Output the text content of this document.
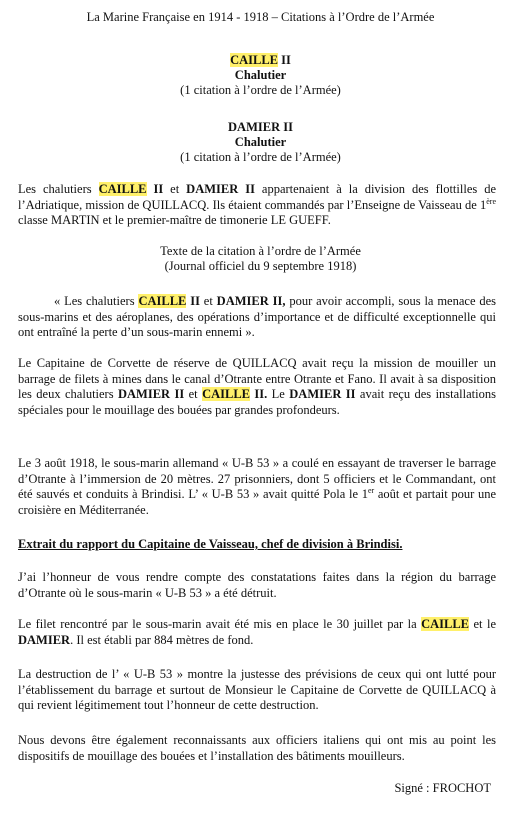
La Marine Française en 1914 - 1918 – Citations à l’Ordre de l’Armée
CAILLE II
Chalutier
(1 citation à l’ordre de l’Armée)
DAMIER II
Chalutier
(1 citation à l’ordre de l’Armée)
Les chalutiers CAILLE II et DAMIER II appartenaient à la division des flottilles de l’Adriatique, mission de QUILLACQ. Ils étaient commandés par l’Enseigne de Vaisseau de 1ère classe MARTIN et le premier-maître de timonerie LE GUEFF.
Texte de la citation à l’ordre de l’Armée
(Journal officiel du 9 septembre 1918)
« Les chalutiers CAILLE II et DAMIER II, pour avoir accompli, sous la menace des sous-marins et des aéroplanes, des opérations d’importance et de difficulté exceptionnelle qui ont entraîné la perte d’un sous-marin ennemi ».
Le Capitaine de Corvette de réserve de QUILLACQ avait reçu la mission de mouiller un barrage de filets à mines dans le canal d’Otrante entre Otrante et Fano. Il avait à sa disposition les deux chalutiers DAMIER II et CAILLE II. Le DAMIER II avait reçu des installations spéciales pour le mouillage des bouées par grandes profondeurs.
Le 3 août 1918, le sous-marin allemand « U-B 53 » a coulé en essayant de traverser le barrage d’Otrante à l’immersion de 20 mètres. 27 prisonniers, dont 5 officiers et le Commandant, ont été sauvés et conduits à Brindisi. L’ « U-B 53 » avait quitté Pola le 1er août et partait pour une croisière en Méditerranée.
Extrait du rapport du Capitaine de Vaisseau, chef de division à Brindisi.
J’ai l’honneur de vous rendre compte des constatations faites dans la région du barrage d’Otrante où le sous-marin « U-B 53 » a été détruit.
Le filet rencontré par le sous-marin avait été mis en place le 30 juillet par la CAILLE et le DAMIER. Il est établi par 884 mètres de fond.
La destruction de l’ « U-B 53 » montre la justesse des prévisions de ceux qui ont lutté pour l’établissement du barrage et surtout de Monsieur le Capitaine de Corvette de QUILLACQ à qui revient légitimement tout l’honneur de cette destruction.
Nous devons être également reconnaissants aux officiers italiens qui ont mis au point les dispositifs de mouillage des bouées et l’installation des bâtiments mouilleurs.
Signé : FROCHOT
